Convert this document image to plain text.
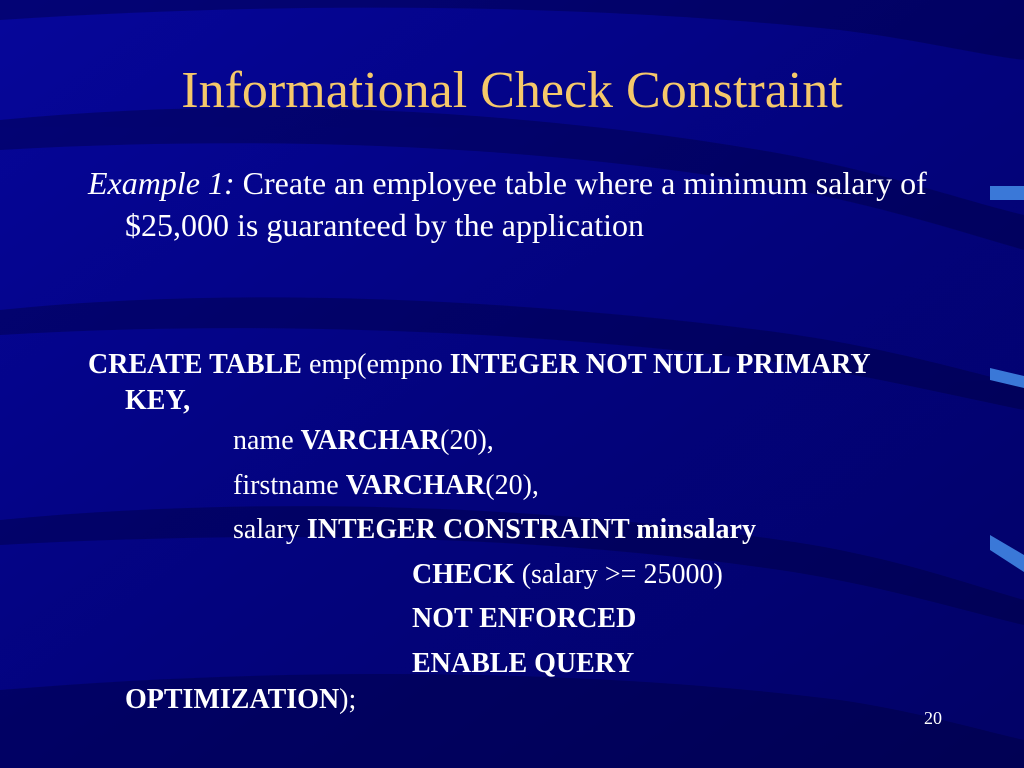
Informational Check Constraint
Example 1: Create an employee table where a minimum salary of $25,000 is guaranteed by the application
CREATE TABLE emp(empno INTEGER NOT NULL PRIMARY KEY,
name VARCHAR(20),
firstname VARCHAR(20),
salary INTEGER CONSTRAINT minsalary
CHECK (salary >= 25000)
NOT ENFORCED
ENABLE QUERY
OPTIMIZATION);
20
